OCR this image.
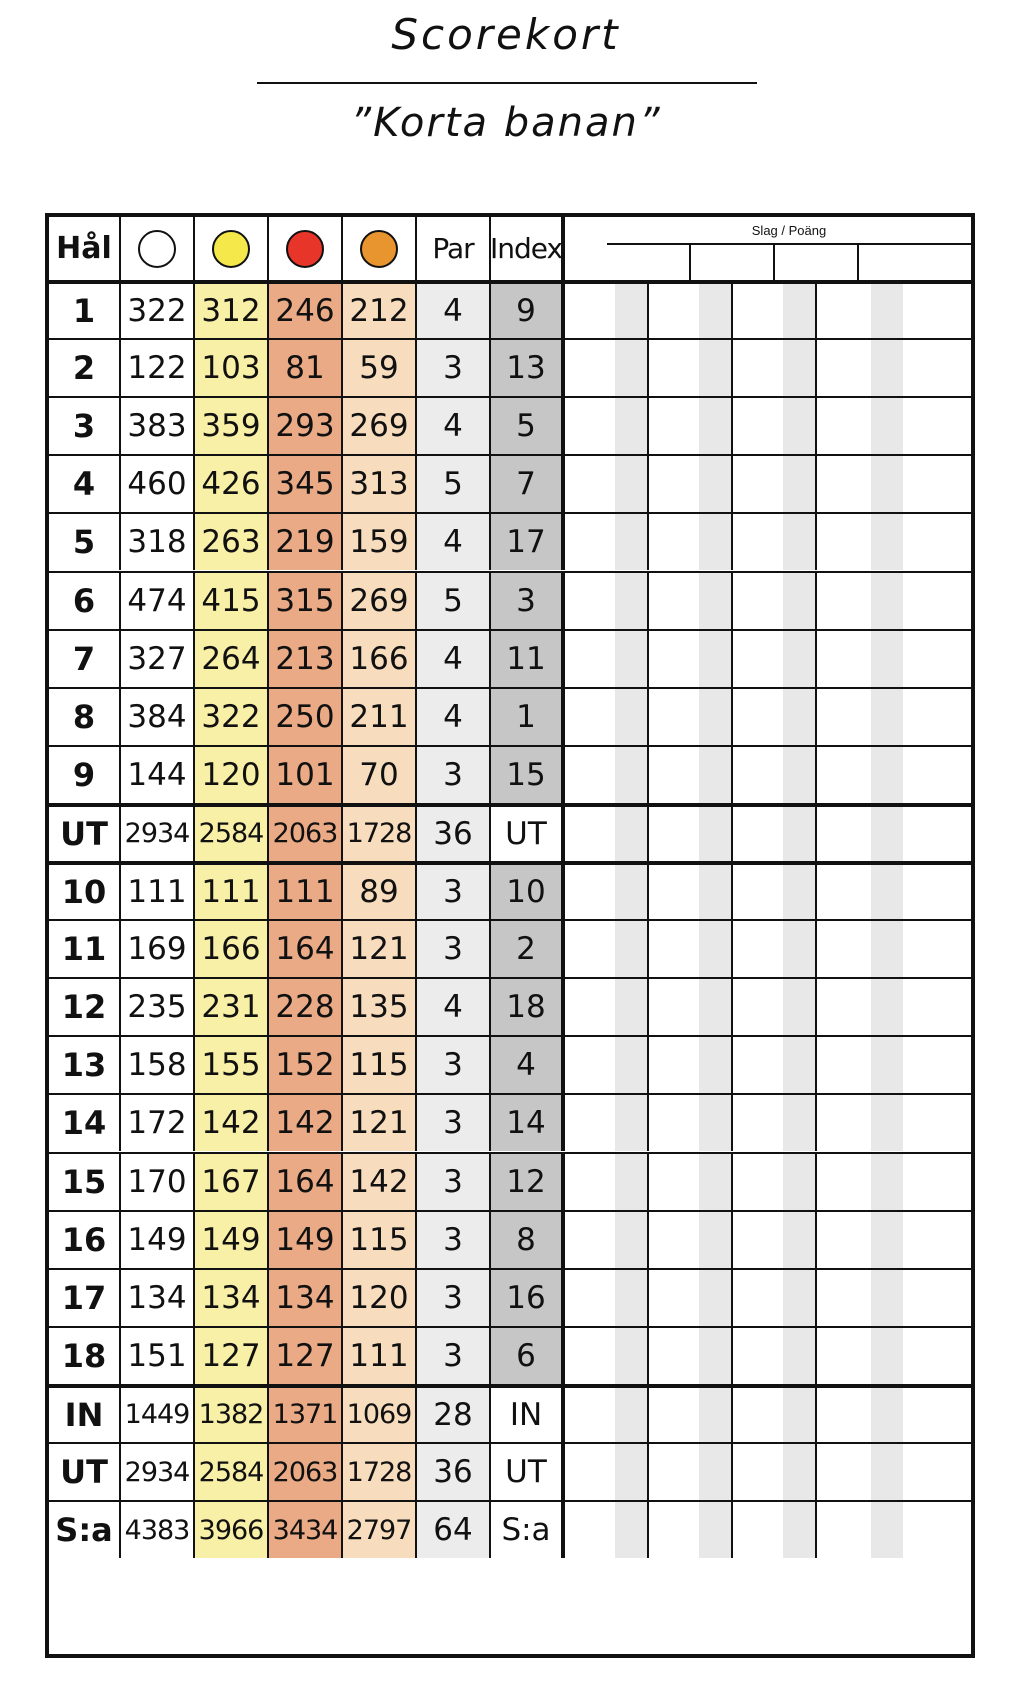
Scorekort
”Korta banan”
Hål	Par Index
Slag / Poäng
1	322 312 246 212	4	9
2	122 103 81	59	3	13
3	383 359 293 269	4	5
4	460 426 345 313	5	7
5	318 263 219 159	4	17
6	474 415 315 269	5	3
7	327 264 213 166	4	11
8	384 322 250 211	4	1
9	144 120 101 70	3	15
UT 2934 2584 2063 1728 36	UT
10 111 111 111 89	3	10
11 169 166 164 121	3	2
12 235 231 228 135	4	18
13 158 155 152 115	3	4
14 172 142 142 121	3	14
15 170 167 164 142	3	12
16 149 149 149 115	3	8
17 134 134 134 120	3	16
18 151 127 127 111	3	6
IN 1449 1382 1371 1069 28	IN
UT 2934 2584 2063 1728 36	UT
S:a 4383 3966 3434 2797 64 S:a
